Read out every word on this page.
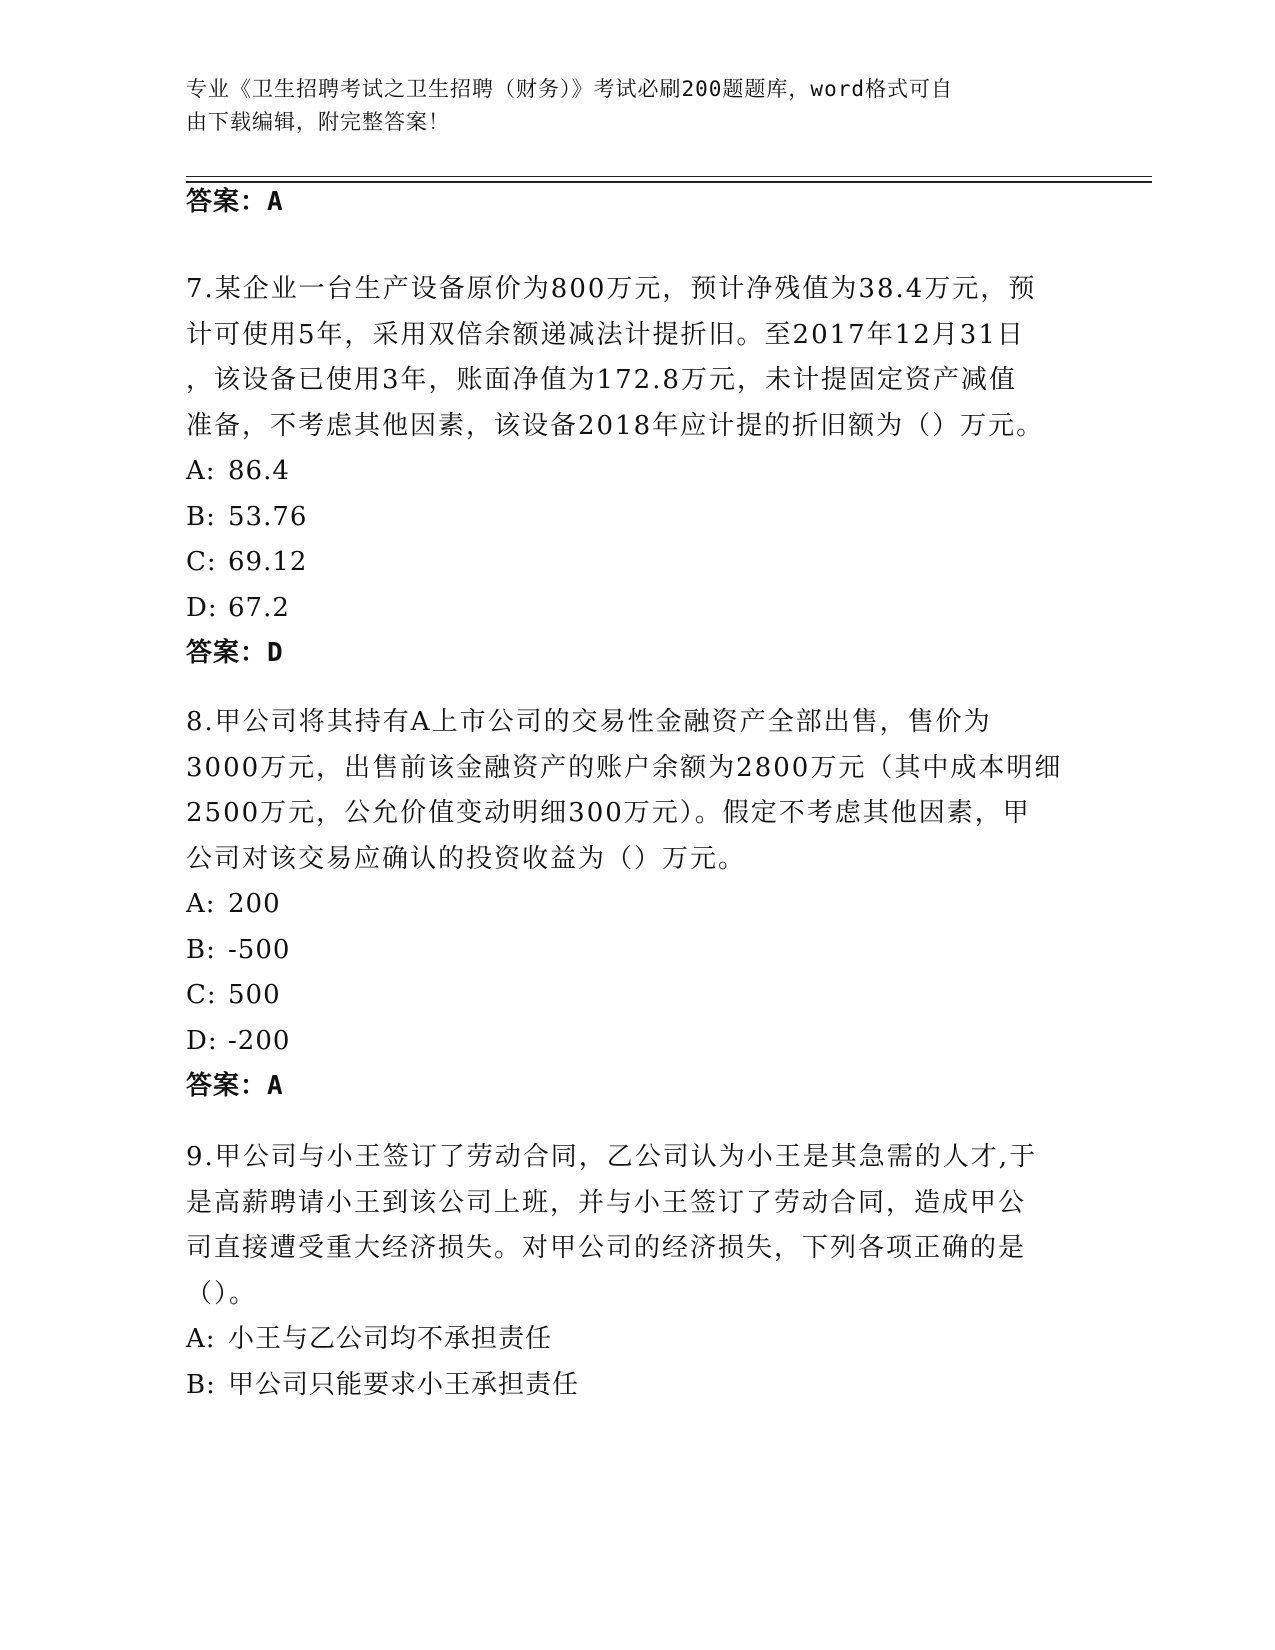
专业《卫生招聘考试之卫生招聘（财务）》考试必刷200题题库，word格式可自
由下载编辑，附完整答案！
答案：A
7.某企业一台生产设备原价为800万元，预计净残值为38.4万元，预
计可使用5年，采用双倍余额递减法计提折旧。至2017年12月31日
，该设备已使用3年，账面净值为172.8万元，未计提固定资产减值
准备，不考虑其他因素，该设备2018年应计提的折旧额为（）万元。
A: 86.4
B: 53.76
C: 69.12
D: 67.2
答案：D
8.甲公司将其持有A上市公司的交易性金融资产全部出售，售价为
3000万元，出售前该金融资产的账户余额为2800万元（其中成本明细
2500万元，公允价值变动明细300万元）。假定不考虑其他因素，甲
公司对该交易应确认的投资收益为（）万元。
A: 200
B: -500
C: 500
D: -200
答案：A
9.甲公司与小王签订了劳动合同，乙公司认为小王是其急需的人才,于
是高薪聘请小王到该公司上班，并与小王签订了劳动合同，造成甲公
司直接遭受重大经济损失。对甲公司的经济损失，下列各项正确的是
（）。
A: 小王与乙公司均不承担责任
B: 甲公司只能要求小王承担责任
